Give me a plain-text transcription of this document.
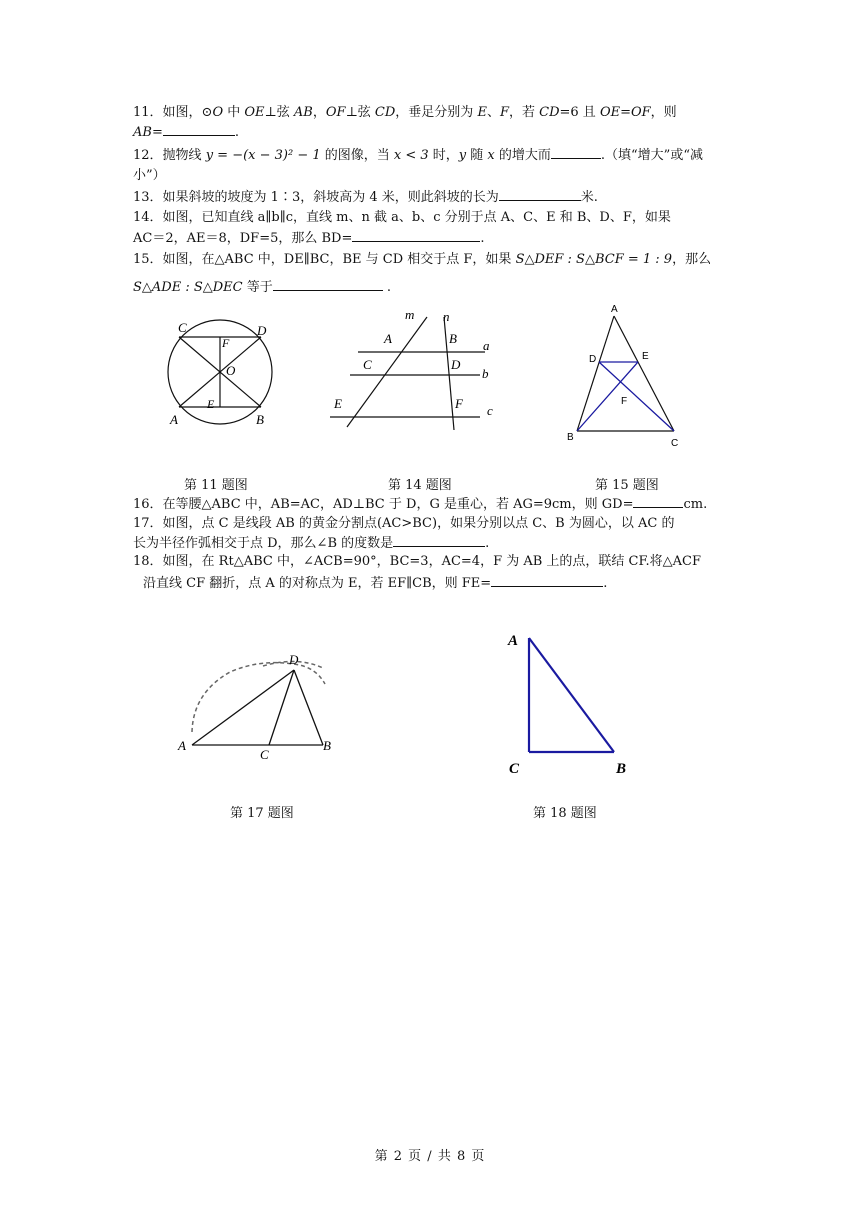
11．如图，⊙O 中 OE⊥弦 AB，OF⊥弦 CD，垂足分别为 E、F，若 CD=6 且 OE=OF，则
AB=	.
12．抛物线 y = −(x − 3)² − 1 的图像，当 x < 3 时，y 随 x 的增大而	.（填“增大”或“减
小”）
13．如果斜坡的坡度为 1∶3，斜坡高为 4 米，则此斜坡的长为	米.
14．如图，已知直线 a∥b∥c，直线 m、n 截 a、b、c 分别于点 A、C、E 和 B、D、F，如果
AC＝2，AE＝8，DF=5，那么 BD=	.
15．如图，在△ABC 中，DE∥BC，BE 与 CD 相交于点 F，如果 S△DEF : S△BCF = 1 : 9，那么
S△ADE : S△DEC 等于	.
C	D
F
O
E
A	B
第 11 题图
m n
A	B a
C	D
b
E	F c
第 14 题图
A
D	E
F
B
C
第 15 题图
16．在等腰△ABC 中，AB=AC，AD⊥BC 于 D，G 是重心，若 AG=9cm，则 GD=	cm.
17．如图，点 C 是线段 AB 的黄金分割点(AC>BC)，如果分别以点 C、B 为圆心，以 AC 的
长为半径作弧相交于点 D，那么∠B 的度数是	.
18．如图，在 Rt△ABC 中，∠ACB=90°，BC=3，AC=4，F 为 AB 上的点，联结 CF.将△ACF
沿直线 CF 翻折，点 A 的对称点为 E，若 EF∥CB，则 FE=	.
D
A
C
B
第 17 题图
A
C	B
第 18 题图
第 2 页 / 共 8 页
